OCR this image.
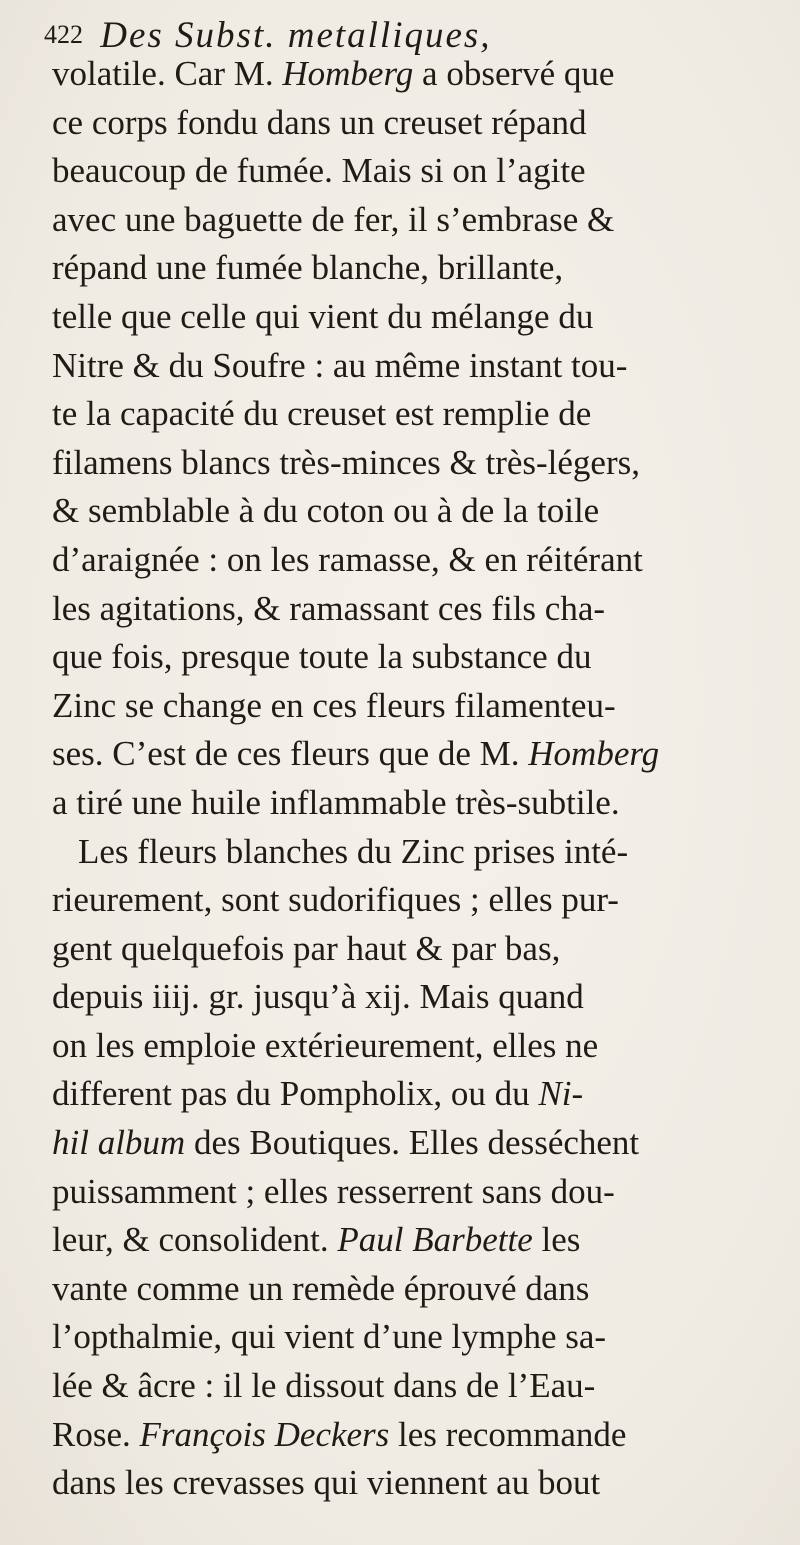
422 Des Subst. metalliques,
volatile. Car M. Homberg a observé que
ce corps fondu dans un creuset répand
beaucoup de fumée. Mais si on l’agite
avec une baguette de fer, il s’embrase &
répand une fumée blanche, brillante,
telle que celle qui vient du mélange du
Nitre & du Soufre : au même instant tou-
te la capacité du creuset est remplie de
filamens blancs très-minces & très-légers,
& semblable à du coton ou à de la toile
d’araignée : on les ramasse, & en réitérant
les agitations, & ramassant ces fils cha-
que fois, presque toute la substance du
Zinc se change en ces fleurs filamenteu-
ses. C’est de ces fleurs que de M. Homberg
a tiré une huile inflammable très-subtile.
Les fleurs blanches du Zinc prises inté-
rieurement, sont sudorifiques ; elles pur-
gent quelquefois par haut & par bas,
depuis iiij. gr. jusqu’à xij. Mais quand
on les emploie extérieurement, elles ne
different pas du Pompholix, ou du Ni-
hil album des Boutiques. Elles desséchent
puissamment ; elles resserrent sans dou-
leur, & consolident. Paul Barbette les
vante comme un remède éprouvé dans
l’opthalmie, qui vient d’une lymphe sa-
lée & âcre : il le dissout dans de l’Eau-
Rose. François Deckers les recommande
dans les crevasses qui viennent au bout
